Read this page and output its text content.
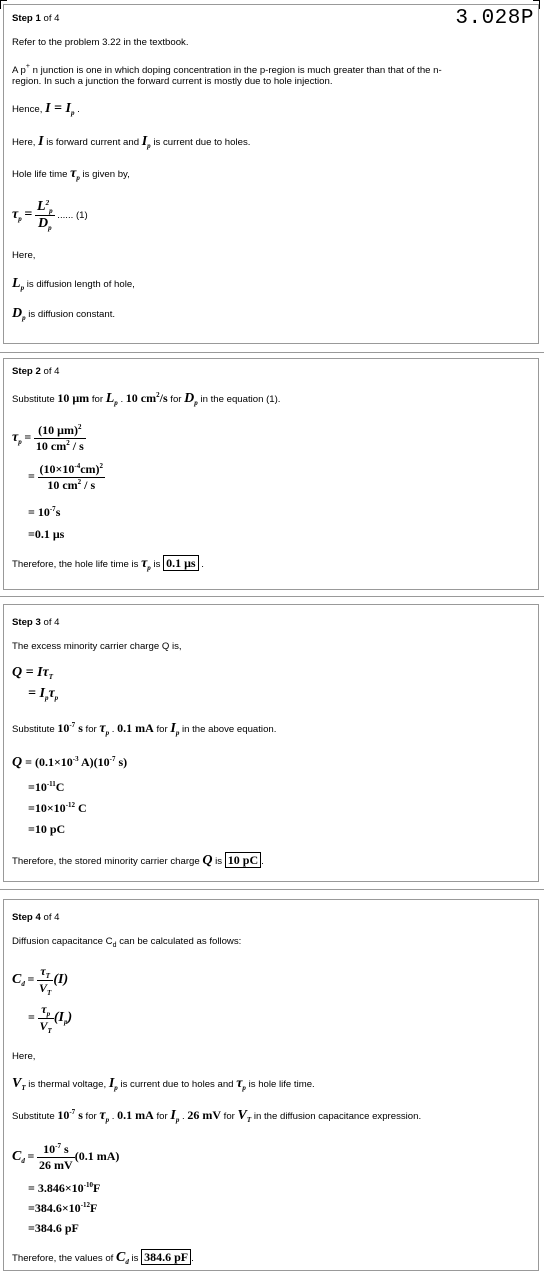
3.028P
Step 1 of 4
Refer to the problem 3.22 in the textbook.
A p+ n junction is one in which doping concentration in the p-region is much greater than that of the n-
region. In such a junction the forward current is mostly due to hole injection.
Hence, $I = I_p$ .
Here, I is forward current and $I_p$ is current due to holes.
Hole life time $\tau_p$ is given by,
$\tau_p = \frac{L^2_p}{D_p}$ ...... (1)
Here,
$L_p$ is diffusion length of hole,
$D_p$ is diffusion constant.
Step 2 of 4
Substitute 10 μm for $L_p$ . 10 $cm^2/s$ for $D_p$ in the equation (1).
$\tau_p = \frac{(10 \mu m)^2}{10 cm^2 / s}$
= $\frac{(10\times 10^{-4}cm)^2}{10 cm^2 / s}$
= $10^{-7}s$
=0.1 μs
Therefore, the hole life time is $\tau_p$ is 0.1 μs .
Step 3 of 4
The excess minority carrier charge Q is,
$Q = I\tau_T$
= $I_p\tau_p$
Substitute $10^{-7}$ s for $\tau_p$ . 0.1 mA for $I_p$ in the above equation.
$Q = (0.1\times 10^{-3}$ $A)(10^{-7}$ s)
$=10^{-11}C$
$=10\times 10^{-12}$ C
=10 pC
Therefore, the stored minority carrier charge Q is 10 pC .
Step 4 of 4
Diffusion capacitance $C_d$ can be calculated as follows:
$C_d = \frac{\tau_T}{V_T} (I)$
= $\frac{\tau_p}{V_T} (I_p)$
Here,
$V_T$ is thermal voltage, $I_p$ is current due to holes and $\tau_p$ is hole life time.
Substitute $10^{-7}$ s for $\tau_p$ . 0.1 mA for $I_p$ . 26 mV for $V_T$ in the diffusion capacitance expression.
$C_d = \frac{10^{-7} s}{26 mV} (0.1$ mA)
= $3.846\times 10^{-10}F$
$=384.6\times 10^{-12}F$
=384.6 pF
Therefore, the values of $C_d$ is 384.6 pF .
